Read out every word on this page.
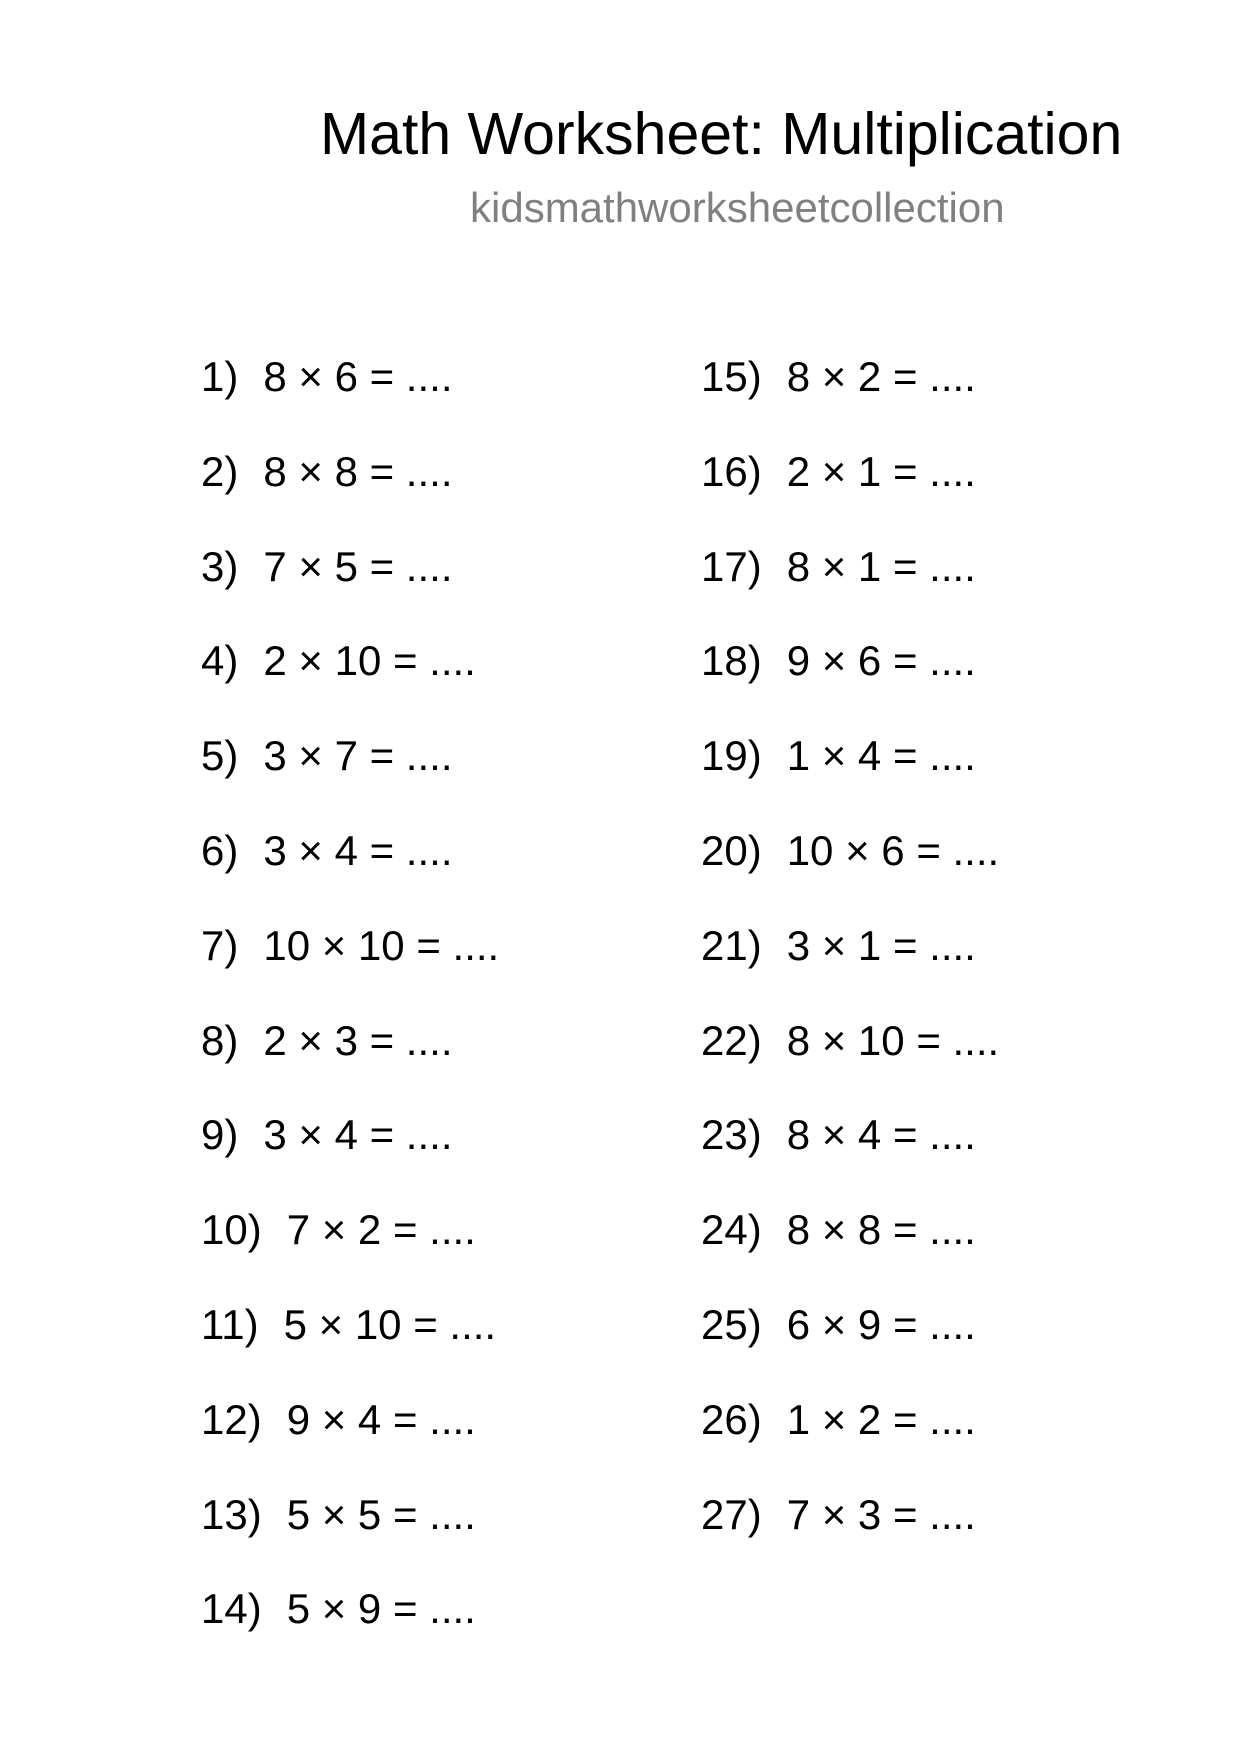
Math Worksheet: Multiplication
kidsmathworksheetcollection
1) 8 × 6 = ....
2) 8 × 8 = ....
3) 7 × 5 = ....
4) 2 × 10 = ....
5) 3 × 7 = ....
6) 3 × 4 = ....
7) 10 × 10 = ....
8) 2 × 3 = ....
9) 3 × 4 = ....
10) 7 × 2 = ....
11) 5 × 10 = ....
12) 9 × 4 = ....
13) 5 × 5 = ....
14) 5 × 9 = ....
15) 8 × 2 = ....
16) 2 × 1 = ....
17) 8 × 1 = ....
18) 9 × 6 = ....
19) 1 × 4 = ....
20) 10 × 6 = ....
21) 3 × 1 = ....
22) 8 × 10 = ....
23) 8 × 4 = ....
24) 8 × 8 = ....
25) 6 × 9 = ....
26) 1 × 2 = ....
27) 7 × 3 = ....
